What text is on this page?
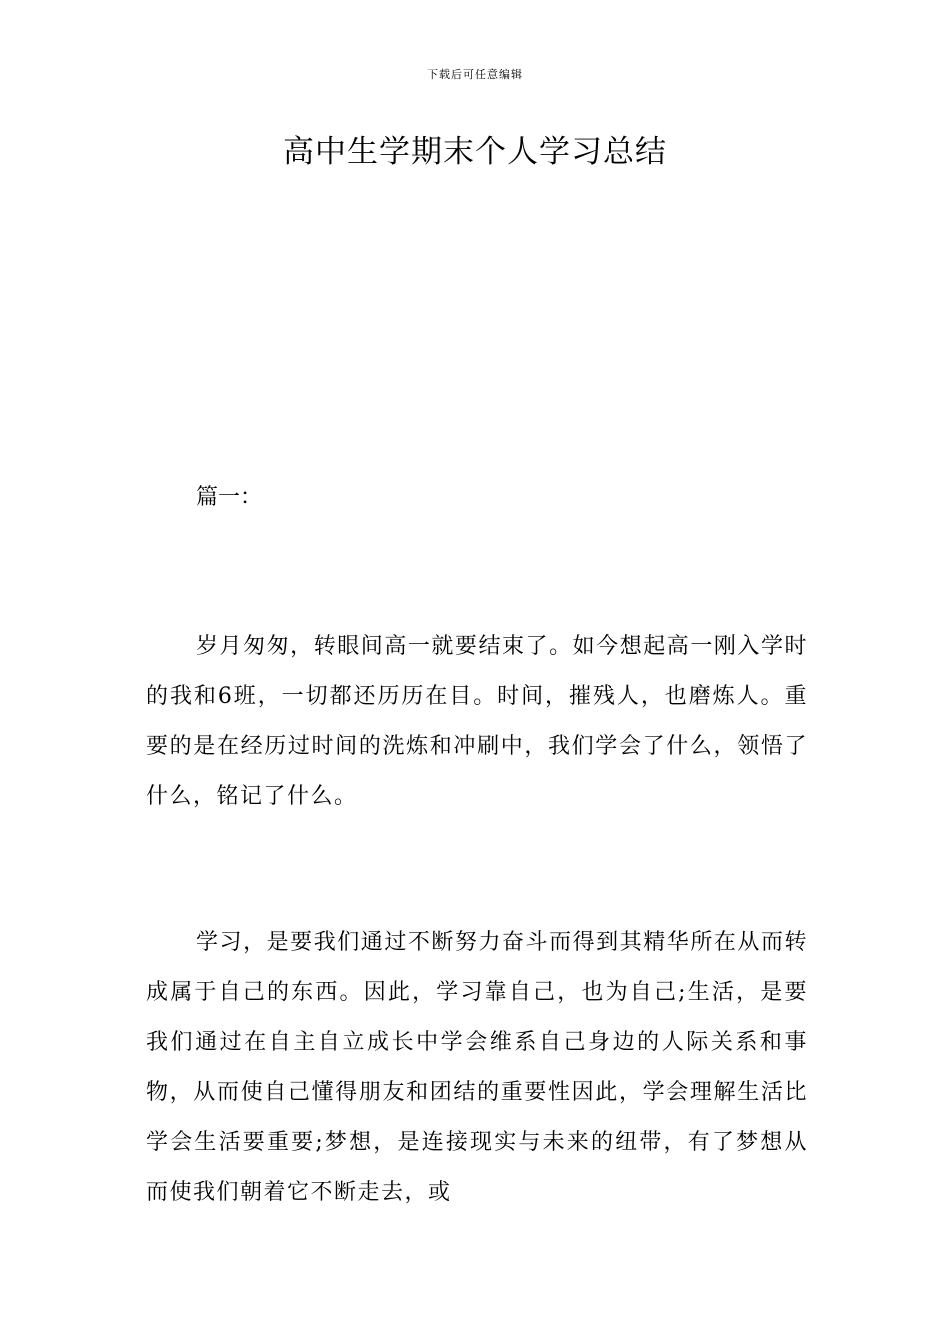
下载后可任意编辑
高中生学期末个人学习总结
篇一：

岁月匆匆，转眼间高一就要结束了。如今想起高一刚入学时的我和6班，一切都还历历在目。时间，摧残人，也磨炼人。重要的是在经历过时间的洗炼和冲刷中，我们学会了什么，领悟了什么，铭记了什么。

学习，是要我们通过不断努力奋斗而得到其精华所在从而转成属于自己的东西。因此，学习靠自己，也为自己;生活，是要我们通过在自主自立成长中学会维系自己身边的人际关系和事物，从而使自己懂得朋友和团结的重要性因此，学会理解生活比学会生活要重要;梦想，是连接现实与未来的纽带，有了梦想从而使我们朝着它不断走去，或
